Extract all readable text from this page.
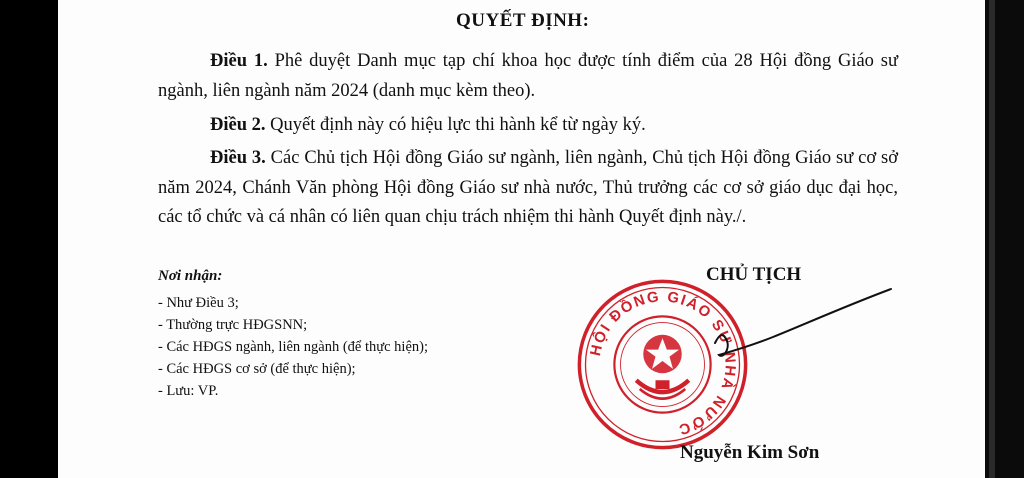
QUYẾT ĐỊNH:

Điều 1. Phê duyệt Danh mục tạp chí khoa học được tính điểm của 28 Hội đồng Giáo sư ngành, liên ngành năm 2024 (danh mục kèm theo).

Điều 2. Quyết định này có hiệu lực thi hành kể từ ngày ký.

Điều 3. Các Chủ tịch Hội đồng Giáo sư ngành, liên ngành, Chủ tịch Hội đồng Giáo sư cơ sở năm 2024, Chánh Văn phòng Hội đồng Giáo sư nhà nước, Thủ trưởng các cơ sở giáo dục đại học, các tổ chức và cá nhân có liên quan chịu trách nhiệm thi hành Quyết định này./.

Nơi nhận:
- Như Điều 3;
- Thường trực HĐGSNN;
- Các HĐGS ngành, liên ngành (để thực hiện);
- Các HĐGS cơ sở (để thực hiện);
- Lưu: VP.
CHỦ TỊCH
HỘI ĐỒNG GIÁO SƯ NHÀ NƯỚC
Nguyễn Kim Sơn
